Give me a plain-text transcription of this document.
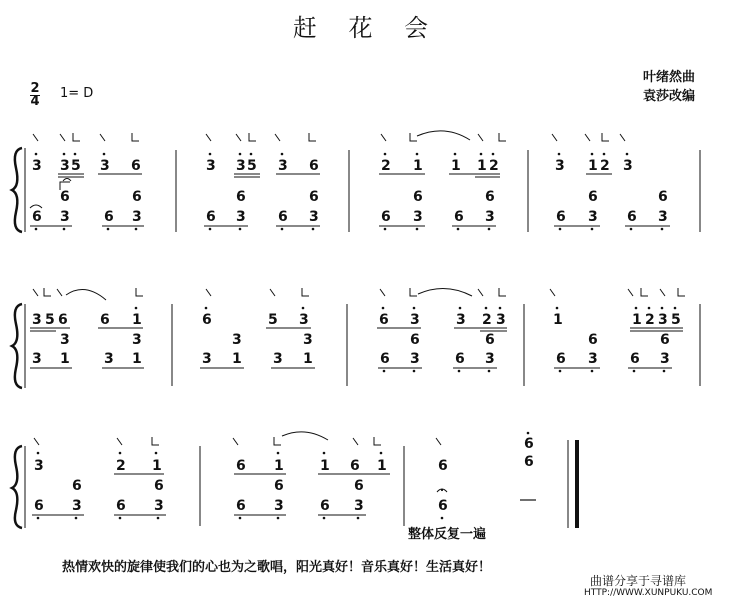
赶 花 会
叶绪然曲
袁莎改编
2
4
1= D
3 3 5 3 6	3 3 5 3 6	2 1 1 1 2	3 1 2 3
6	6	6	6	6	6	6	6
6 3 6 3	6 3 6 3	6 3 6 3	6 3 6 3
3 5 6 6 1	6	5 3	6 3	3 2 3	1	1 2 3 5
3	3	3	3	6	6	6	6
3 1 3 1	3 1 3 1	6 3	6 3	6 3 6 3
3	2 1	6 1	1 6 1	6
6
6
6	6	6	6
6 3 6 3	6 3	6 3	6
整体反复一遍
热情欢快的旋律使我们的心也为之歌唱，阳光真好！音乐真好！生活真好！
曲谱分享于寻谱库
HTTP://WWW.XUNPUKU.COM
